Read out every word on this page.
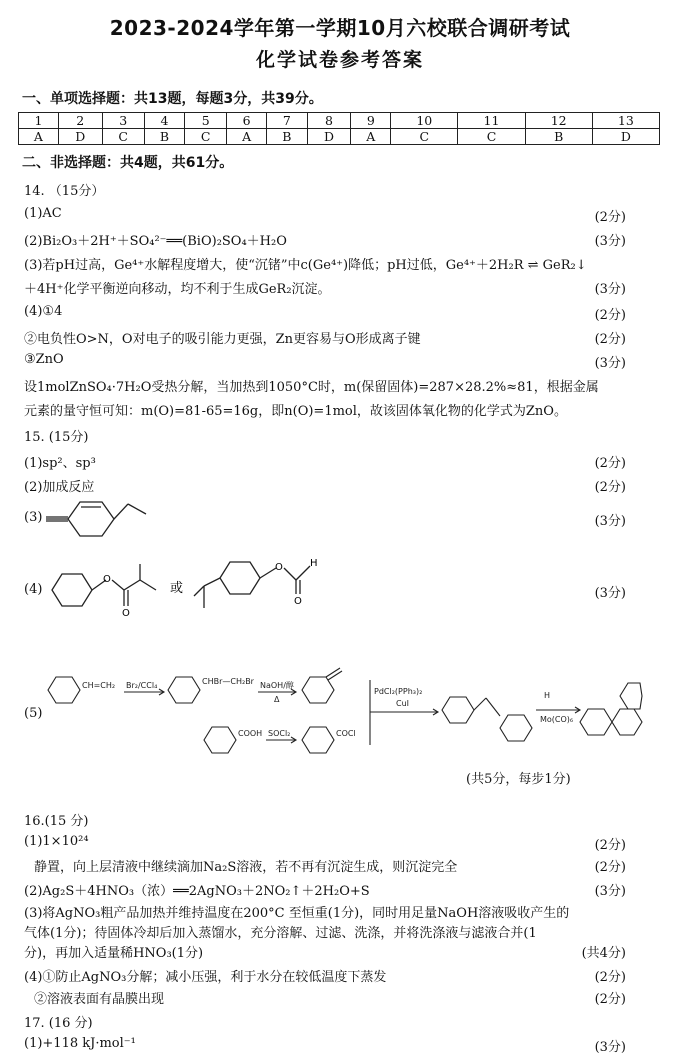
2023-2024学年第一学期10月六校联合调研考试
化学试卷参考答案
一、单项选择题：共13题，每题3分，共39分。
1	2	3	4	5	6	7	8	9	10	11	12	13
A	D	C	B	C	A	B	D	A	C	C	B	D
二、非选择题：共4题，共61分。
14. （15分）
(1)AC	(2分)
(2)Bi₂O₃＋2H⁺＋SO₄²⁻══(BiO)₂SO₄＋H₂O	(3分)
(3)若pH过高，Ge⁴⁺水解程度增大，使“沉锗”中c(Ge⁴⁺)降低；pH过低，Ge⁴⁺＋2H₂R ⇌ GeR₂↓
＋4H⁺化学平衡逆向移动，均不利于生成GeR₂沉淀。	(3分)
(4)①4	(2分)
②电负性O>N，O对电子的吸引能力更强，Zn更容易与O形成离子键	(2分)
③ZnO	(3分)
设1molZnSO₄·7H₂O受热分解，当加热到1050°C时，m(保留固体)=287×28.2%≈81，根据金属
元素的量守恒可知：m(O)=81-65=16g，即n(O)=1mol，故该固体氧化物的化学式为ZnO。
15. (15分)
(1)sp²、sp³	(2分)
(2)加成反应	(2分)
(3)	(3分)
(4)
O
O
或
O
O
H
(3分)
(5)
CH=CH₂ Br₂/CCl₄	CHBr—CH₂Br NaOH/醇
Δ
COOH SOCl₂	COCl
PdCl₂(PPh₃)₂
CuI
H
Mo(CO)₆
(共5分，每步1分)
16.(15 分)
(1)1×10²⁴	(2分)
静置，向上层清液中继续滴加Na₂S溶液，若不再有沉淀生成，则沉淀完全	(2分)
(2)Ag₂S＋4HNO₃（浓）══2AgNO₃＋2NO₂↑＋2H₂O+S	(3分)
(3)将AgNO₃粗产品加热并维持温度在200°C 至恒重(1分)，同时用足量NaOH溶液吸收产生的
气体(1分)；待固体冷却后加入蒸馏水，充分溶解、过滤、洗涤，并将洗涤液与滤液合并(1
分)，再加入适量稀HNO₃(1分)	(共4分)
(4)①防止AgNO₃分解；减小压强，利于水分在较低温度下蒸发	(2分)
②溶液表面有晶膜出现	(2分)
17. (16 分)
(1)+118 kJ·mol⁻¹	(3分)
